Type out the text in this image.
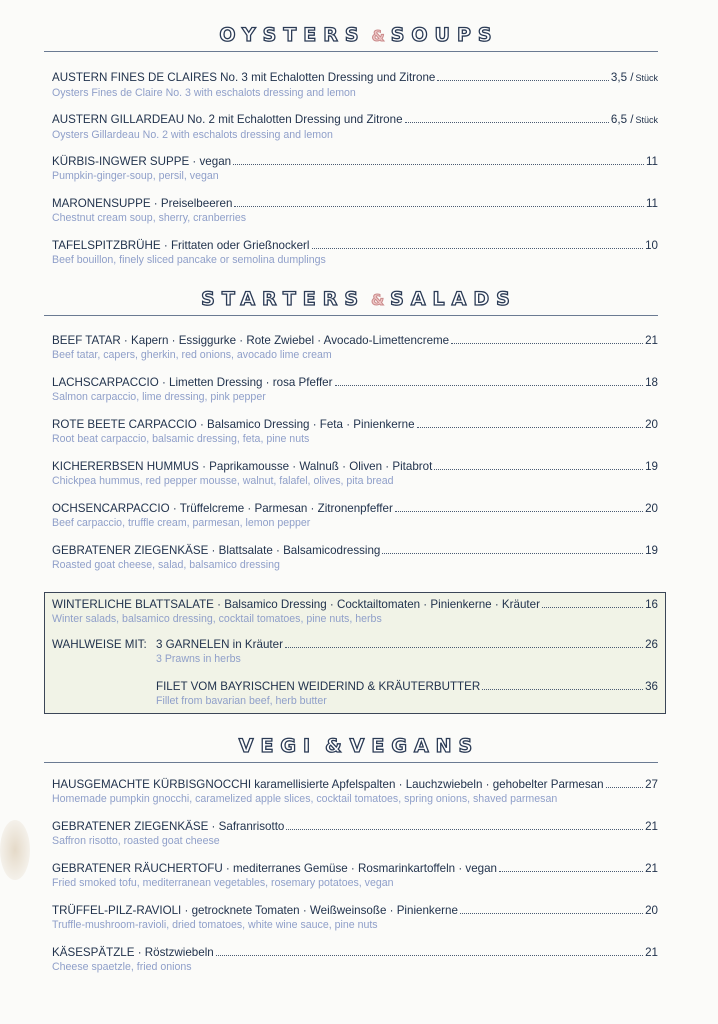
OYSTERS & SOUPS
AUSTERN FINES DE CLAIRES No. 3 mit Echalotten Dressing und Zitrone	3,5 / Stück
Oysters Fines de Claire No. 3 with eschalots dressing and lemon
AUSTERN GILLARDEAU No. 2 mit Echalotten Dressing und Zitrone	6,5 / Stück
Oysters Gillardeau No. 2 with eschalots dressing and lemon
KÜRBIS-INGWER SUPPE · vegan	11
Pumpkin-ginger-soup, persil, vegan
MARONENSUPPE · Preiselbeeren	11
Chestnut cream soup, sherry, cranberries
TAFELSPITZBRÜHE · Frittaten oder Grießnockerl	10
Beef bouillon, finely sliced pancake or semolina dumplings
STARTERS & SALADS
BEEF TATAR · Kapern · Essiggurke · Rote Zwiebel · Avocado-Limettencreme	21
Beef tatar, capers, gherkin, red onions, avocado lime cream
LACHSCARPACCIO · Limetten Dressing · rosa Pfeffer	18
Salmon carpaccio, lime dressing, pink pepper
ROTE BEETE CARPACCIO · Balsamico Dressing · Feta · Pinienkerne	20
Root beat carpaccio, balsamic dressing, feta, pine nuts
KICHERERBSEN HUMMUS · Paprikamousse · Walnuß · Oliven · Pitabrot	19
Chickpea hummus, red pepper mousse, walnut, falafel, olives, pita bread
OCHSENCARPACCIO · Trüffelcreme · Parmesan · Zitronenpfeffer	20
Beef carpaccio, truffle cream, parmesan, lemon pepper
GEBRATENER ZIEGENKÄSE · Blattsalate · Balsamicodressing	19
Roasted goat cheese, salad, balsamico dressing
WINTERLICHE BLATTSALATE · Balsamico Dressing · Cocktailtomaten · Pinienkerne · Kräuter	16
Winter salads, balsamico dressing, cocktail tomatoes, pine nuts, herbs
WAHLWEISE MIT: 3 GARNELEN in Kräuter	26
3 Prawns in herbs
FILET VOM BAYRISCHEN WEIDERIND & KRÄUTERBUTTER	36
Fillet from bavarian beef, herb butter
VEGI & VEGANS
HAUSGEMACHTE KÜRBISGNOCCHI karamellisierte Apfelspalten · Lauchzwiebeln · gehobelter Parmesan	27
Homemade pumpkin gnocchi, caramelized apple slices, cocktail tomatoes, spring onions, shaved parmesan
GEBRATENER ZIEGENKÄSE · Safranrisotto	21
Saffron risotto, roasted goat cheese
GEBRATENER RÄUCHERTOFU · mediterranes Gemüse · Rosmarinkartoffeln · vegan	21
Fried smoked tofu, mediterranean vegetables, rosemary potatoes, vegan
TRÜFFEL-PILZ-RAVIOLI · getrocknete Tomaten · Weißweinsoße · Pinienkerne	20
Truffle-mushroom-ravioli, dried tomatoes, white wine sauce, pine nuts
KÄSESPÄTZLE · Röstzwiebeln	21
Cheese spaetzle, fried onions
